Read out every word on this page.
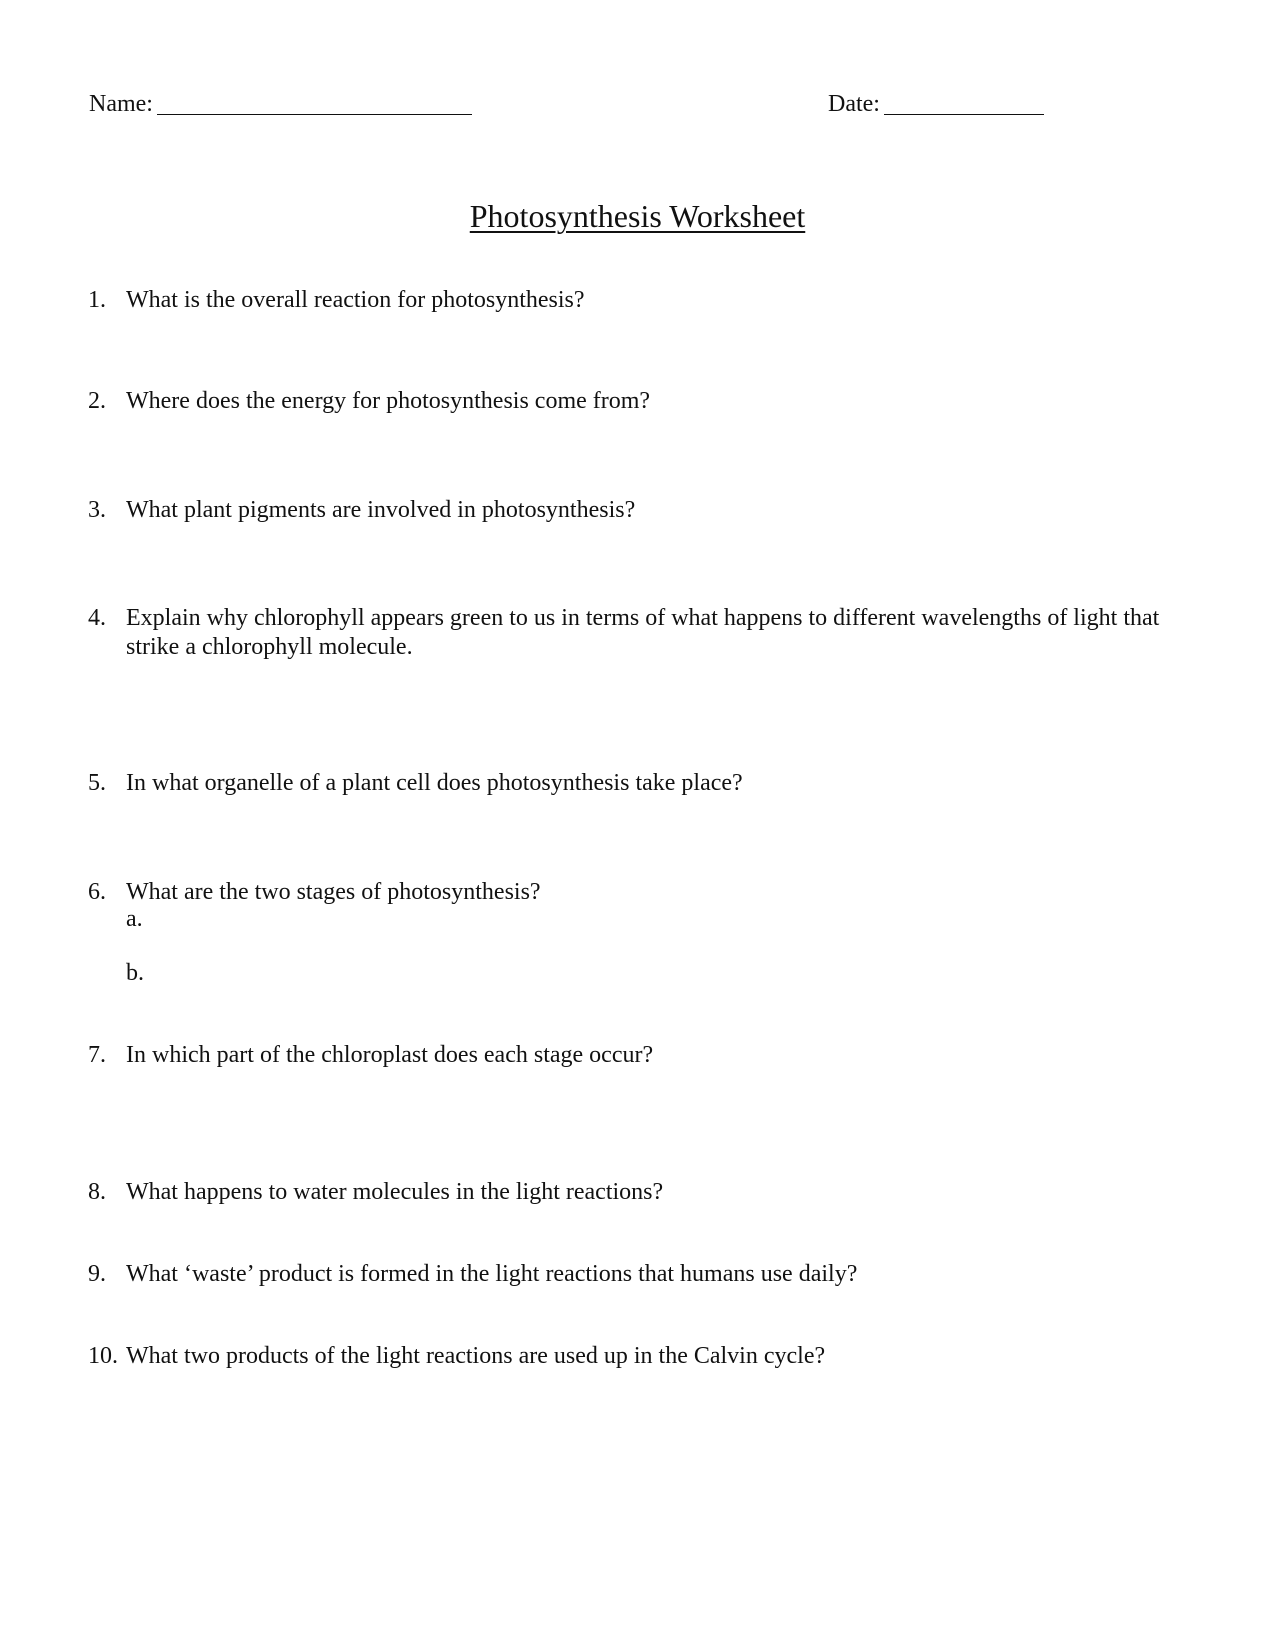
Name:	Date:
Photosynthesis Worksheet
1. What is the overall reaction for photosynthesis?
2. Where does the energy for photosynthesis come from?
3. What plant pigments are involved in photosynthesis?
4. Explain why chlorophyll appears green to us in terms of what happens to different wavelengths of light that strike a chlorophyll molecule.
5. In what organelle of a plant cell does photosynthesis take place?
6. What are the two stages of photosynthesis?
a.
b.
7. In which part of the chloroplast does each stage occur?
8. What happens to water molecules in the light reactions?
9. What ‘waste’ product is formed in the light reactions that humans use daily?
10. What two products of the light reactions are used up in the Calvin cycle?
